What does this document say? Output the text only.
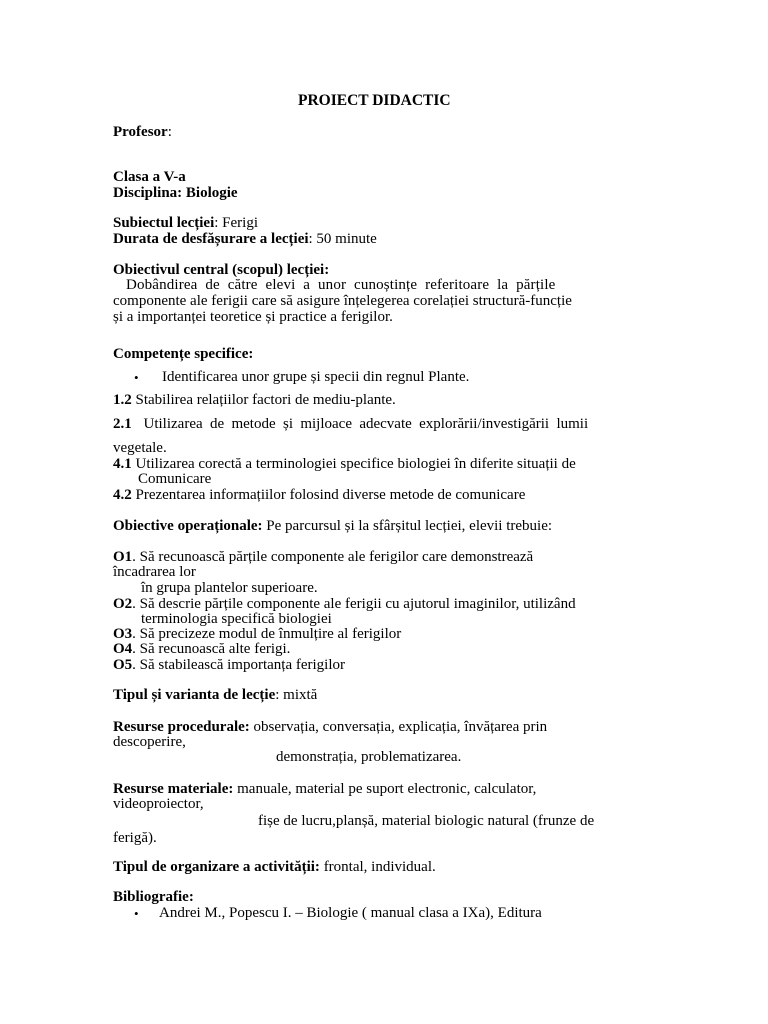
PROIECT DIDACTIC
Profesor:
Clasa a V-a
Disciplina: Biologie
Subiectul lecției: Ferigi
Durata de desfășurare a lecției: 50 minute
Obiectivul central (scopul) lecției:
Dobândirea de către elevi a unor cunoștințe referitoare la părțile
componente ale ferigii care să asigure înțelegerea corelației structură-funcție
și a importanței teoretice și practice a ferigilor.
Competențe specifice:
• Identificarea unor grupe și specii din regnul Plante.
1.2 Stabilirea relațiilor factori de mediu-plante.
2.1 Utilizarea de metode și mijloace adecvate explorării/investigării lumii
vegetale.
4.1 Utilizarea corectă a terminologiei specifice biologiei în diferite situații de
Comunicare
4.2 Prezentarea informațiilor folosind diverse metode de comunicare
Obiective operaționale: Pe parcursul și la sfârșitul lecției, elevii trebuie:
O1. Să recunoască părțile componente ale ferigilor care demonstrează
încadrarea lor
în grupa plantelor superioare.
O2. Să descrie părțile componente ale ferigii cu ajutorul imaginilor, utilizând
terminologia specifică biologiei
O3. Să precizeze modul de înmulțire al ferigilor
O4. Să recunoască alte ferigi.
O5. Să stabilească importanța ferigilor
Tipul și varianta de lecție: mixtă
Resurse procedurale: observația, conversația, explicația, învățarea prin
descoperire,
demonstrația, problematizarea.
Resurse materiale: manuale, material pe suport electronic, calculator,
videoproiector,
fișe de lucru,planșă, material biologic natural (frunze de
ferigă).
Tipul de organizare a activității: frontal, individual.
Bibliografie:
• Andrei M., Popescu I. – Biologie ( manual clasa a IXa), Editura
